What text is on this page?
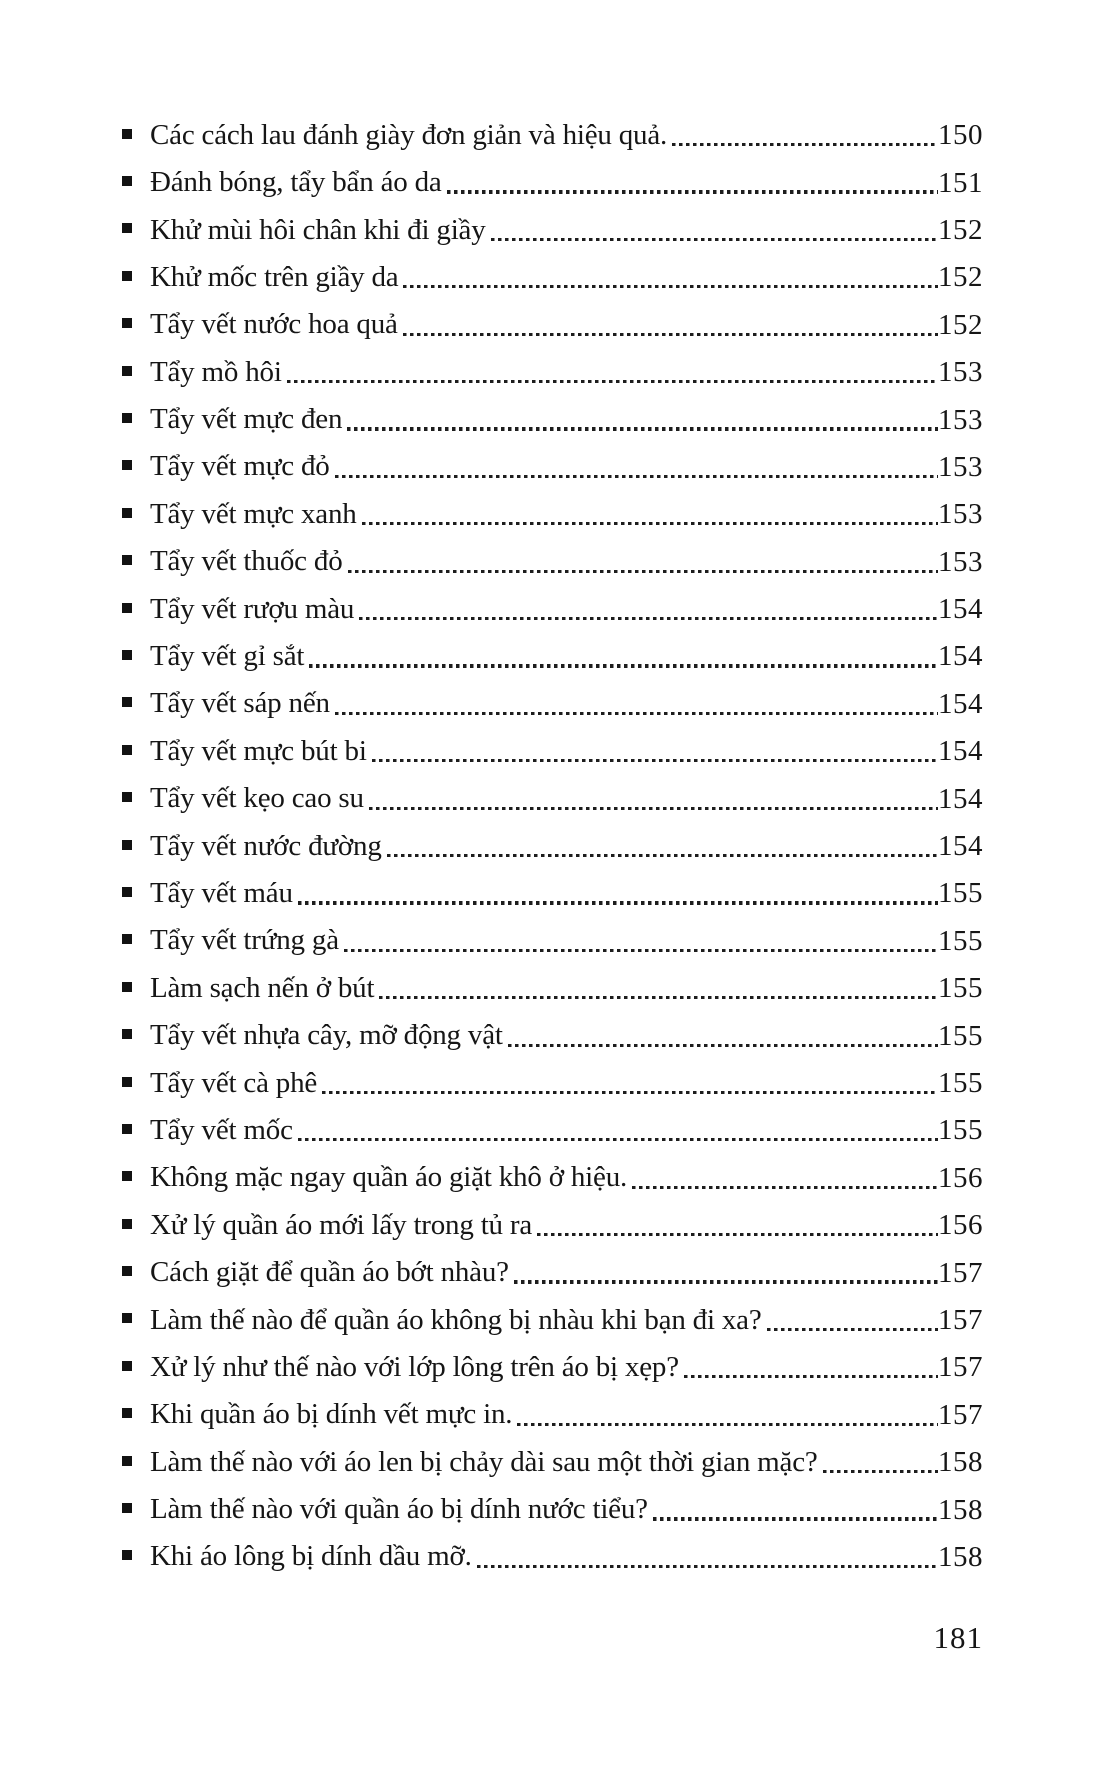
Các cách lau đánh giày đơn giản và hiệu quả.	150
Đánh bóng, tẩy bẩn áo da	151
Khử mùi hôi chân khi đi giầy	152
Khử mốc trên giầy da	152
Tẩy vết nước hoa quả	152
Tẩy mồ hôi	153
Tẩy vết mực đen	153
Tẩy vết mực đỏ	153
Tẩy vết mực xanh	153
Tẩy vết thuốc đỏ	153
Tẩy vết rượu màu	154
Tẩy vết gỉ sắt	154
Tẩy vết sáp nến	154
Tẩy vết mực bút bi	154
Tẩy vết kẹo cao su	154
Tẩy vết nước đường	154
Tẩy vết máu	155
Tẩy vết trứng gà	155
Làm sạch nến ở bút	155
Tẩy vết nhựa cây, mỡ động vật	155
Tẩy vết cà phê	155
Tẩy vết mốc	155
Không mặc ngay quần áo giặt khô ở hiệu.	156
Xử lý quần áo mới lấy trong tủ ra	156
Cách giặt để quần áo bớt nhàu?	157
Làm thế nào để quần áo không bị nhàu khi bạn đi xa?	157
Xử lý như thế nào với lớp lông trên áo bị xẹp?	157
Khi quần áo bị dính vết mực in.	157
Làm thế nào với áo len bị chảy dài sau một thời gian mặc?	158
Làm thế nào với quần áo bị dính nước tiểu?	158
Khi áo lông bị dính dầu mỡ.	158
181
